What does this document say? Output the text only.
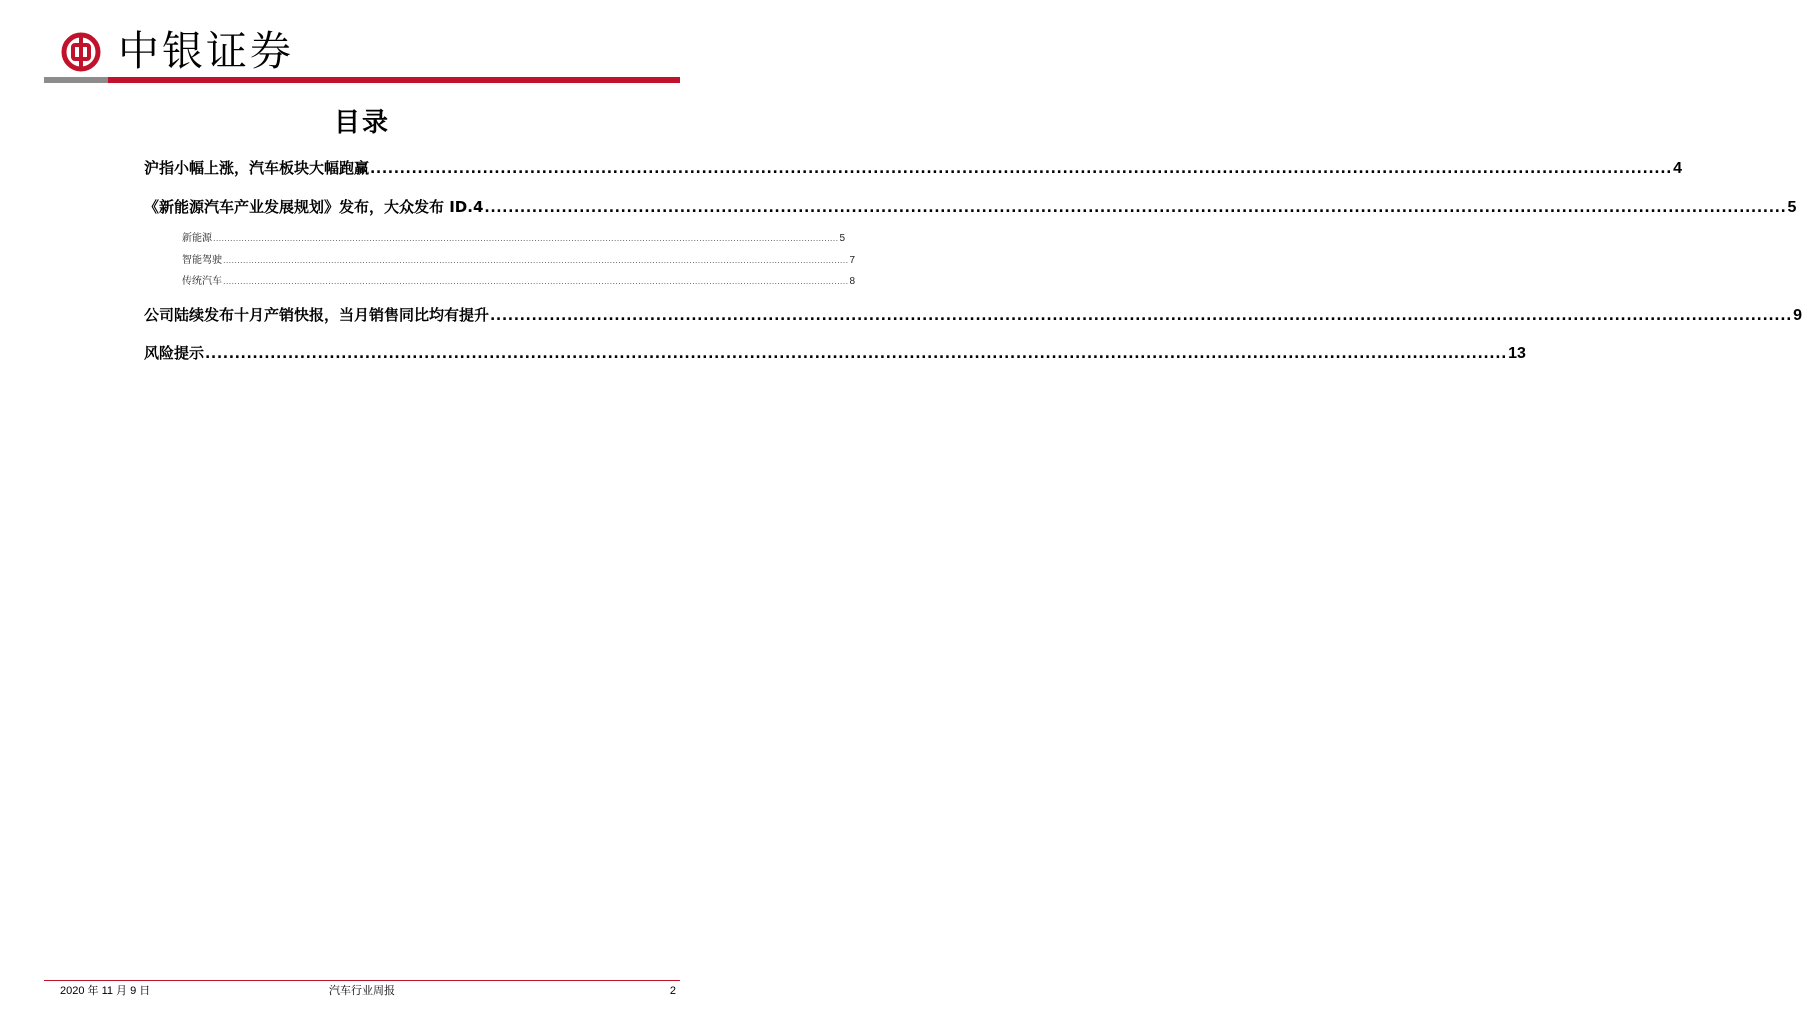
中银证券
目录
沪指小幅上涨，汽车板块大幅跑赢 ............................................................................................................................................................................................................................ 4
《新能源汽车产业发展规划》发布，大众发布 ID.4 ............................................................................................................................................................................................................................ 5
新能源 ............................................................................................................................................................................................................................ 5
智能驾驶 ............................................................................................................................................................................................................................ 7
传统汽车 ............................................................................................................................................................................................................................ 8
公司陆续发布十月产销快报，当月销售同比均有提升 ............................................................................................................................................................................................................................ 9
风险提示 ............................................................................................................................................................................................................................ 13
2020 年 11 月 9 日	汽车行业周报	2
